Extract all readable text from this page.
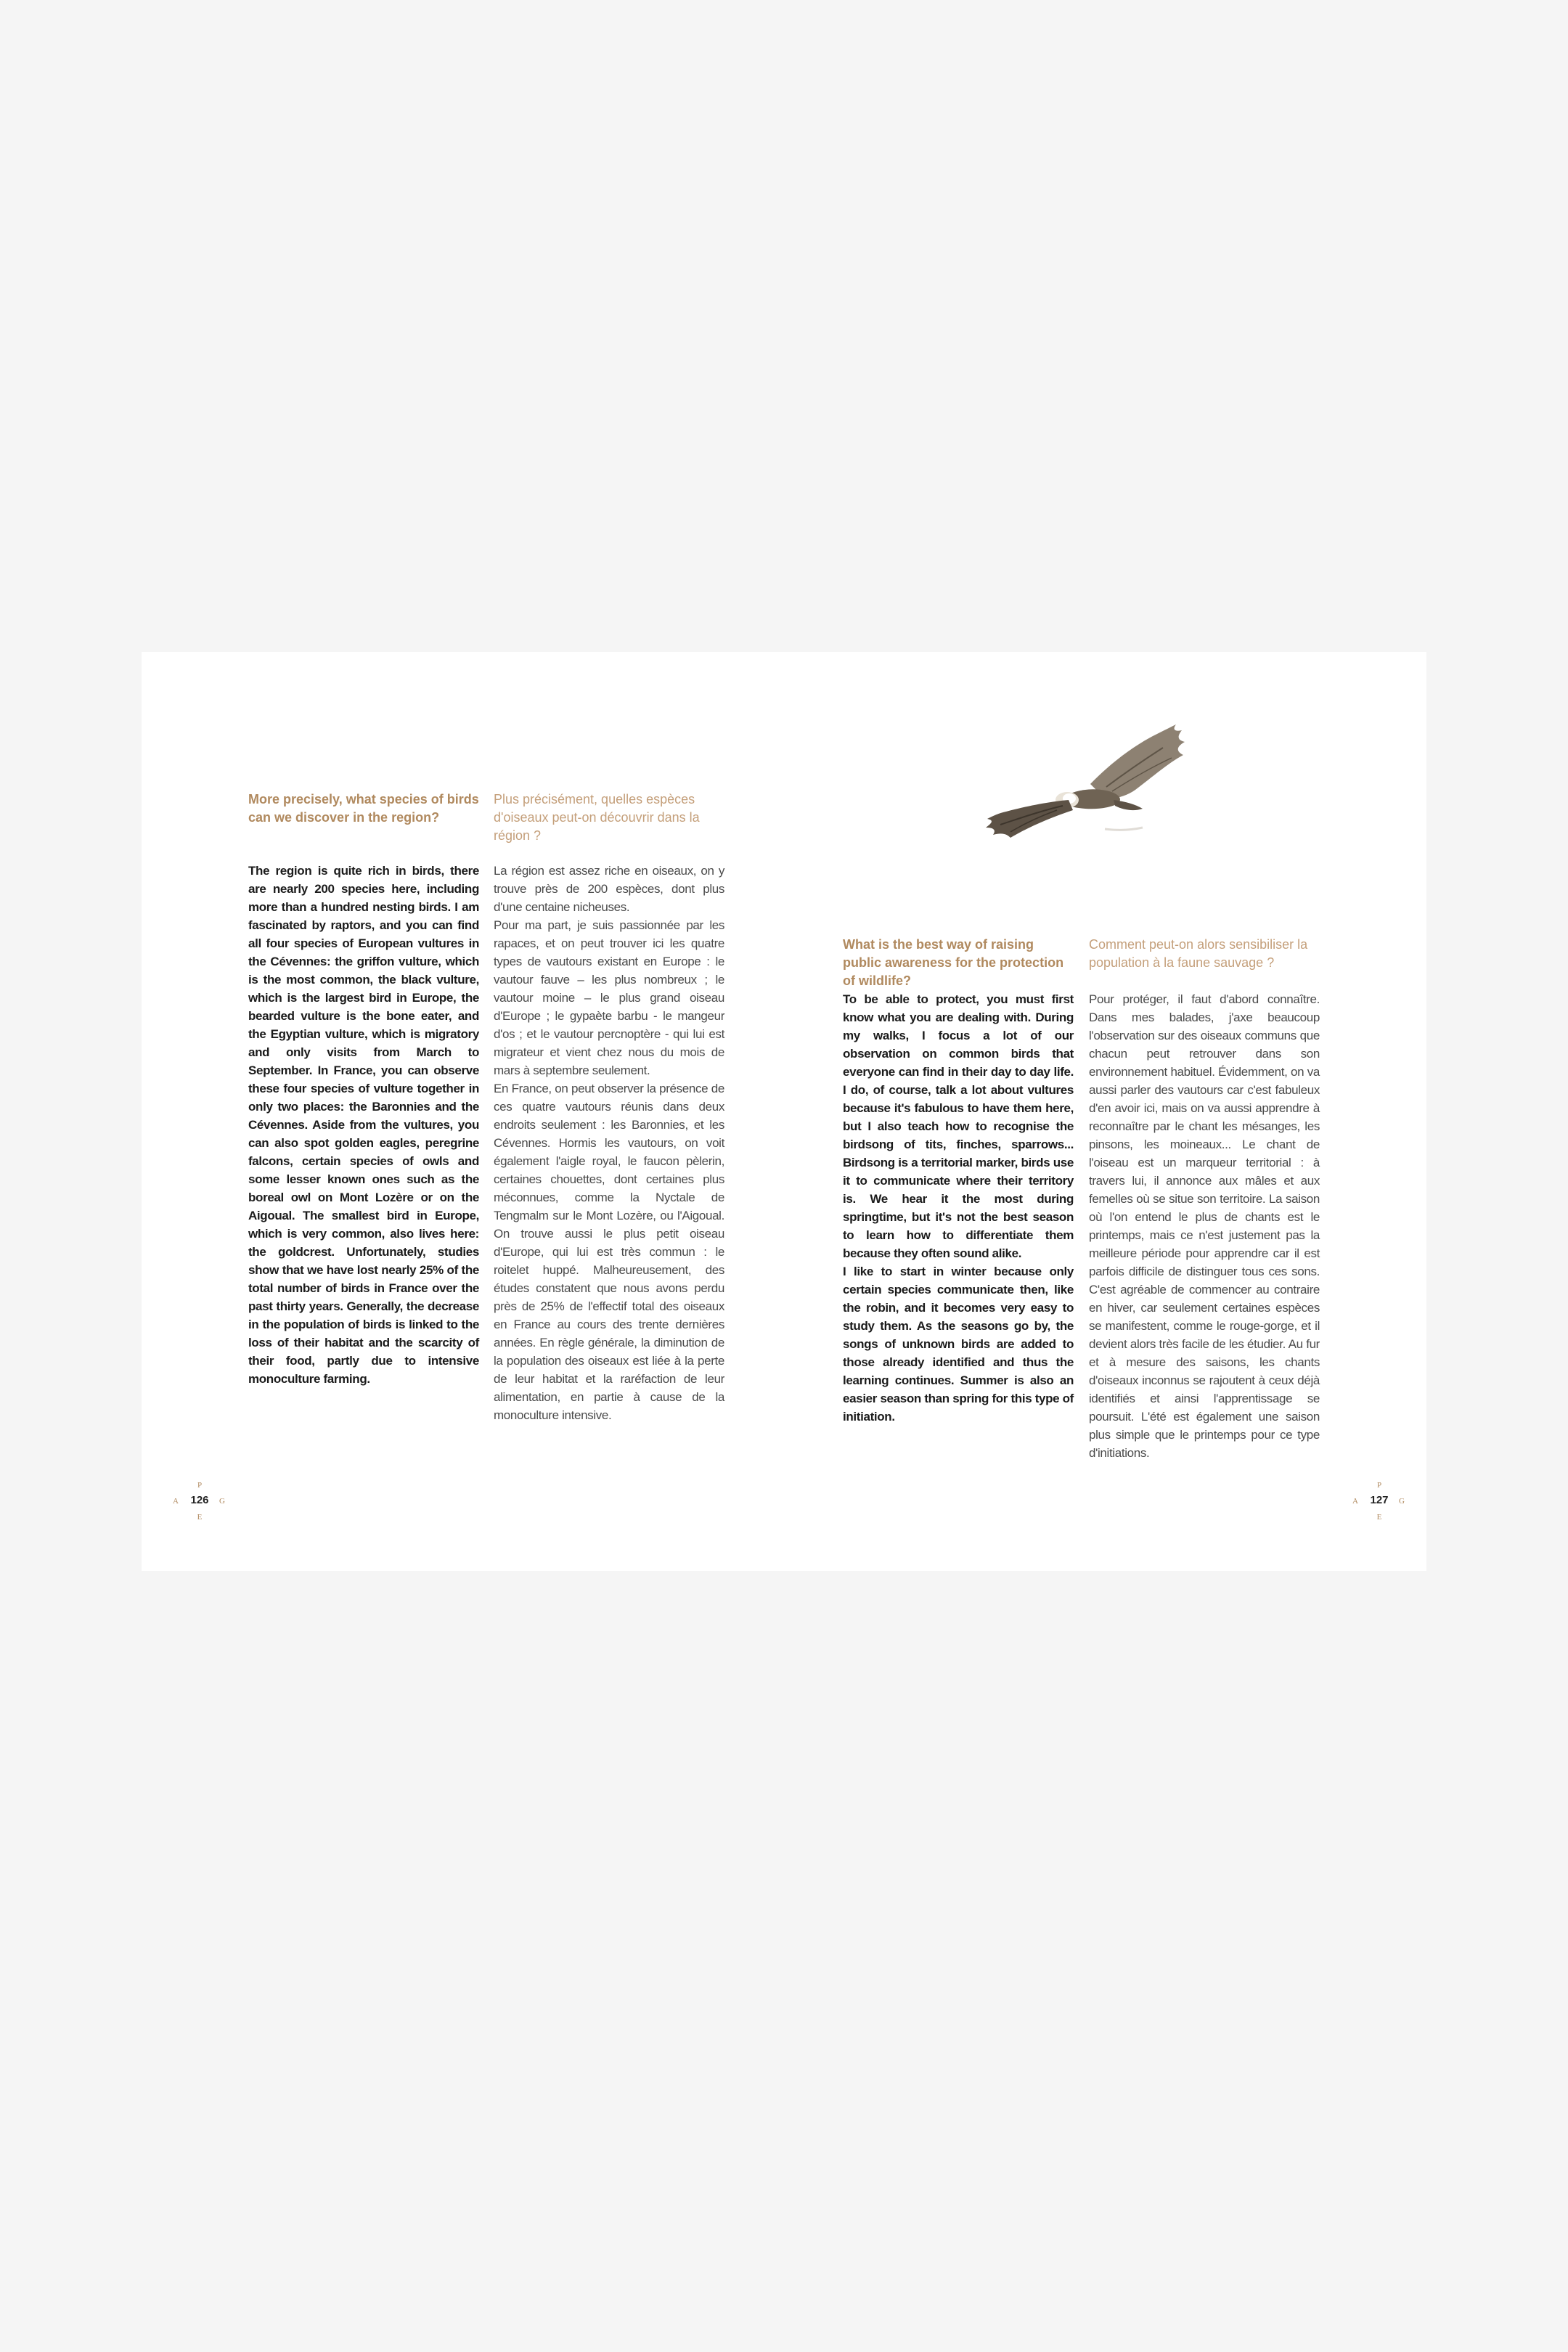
More precisely, what species of birds can we discover in the region?

Plus précisément, quelles espèces d'oiseaux peut-on découvrir dans la région ?

The region is quite rich in birds, there are nearly 200 species here, including more than a hundred nesting birds. I am fascinated by raptors, and you can find all four species of European vultures in the Cévennes: the griffon vulture, which is the most common, the black vulture, which is the largest bird in Europe, the bearded vulture is the bone eater, and the Egyptian vulture, which is migratory and only visits from March to September. In France, you can observe these four species of vulture together in only two places: the Baronnies and the Cévennes. Aside from the vultures, you can also spot golden eagles, peregrine falcons, certain species of owls and some lesser known ones such as the boreal owl on Mont Lozère or on the Aigoual. The smallest bird in Europe, which is very common, also lives here: the goldcrest. Unfortunately, studies show that we have lost nearly 25% of the total number of birds in France over the past thirty years. Generally, the decrease in the population of birds is linked to the loss of their habitat and the scarcity of their food, partly due to intensive monoculture farming.

La région est assez riche en oiseaux, on y trouve près de 200 espèces, dont plus d'une centaine nicheuses.
Pour ma part, je suis passionnée par les rapaces, et on peut trouver ici les quatre types de vautours existant en Europe : le vautour fauve – les plus nombreux ; le vautour moine – le plus grand oiseau d'Europe ; le gypaète barbu - le mangeur d'os ; et le vautour percnoptère - qui lui est migrateur et vient chez nous du mois de mars à septembre seulement.
En France, on peut observer la présence de ces quatre vautours réunis dans deux endroits seulement : les Baronnies, et les Cévennes. Hormis les vautours, on voit également l'aigle royal, le faucon pèlerin, certaines chouettes, dont certaines plus méconnues, comme la Nyctale de Tengmalm sur le Mont Lozère, ou l'Aigoual. On trouve aussi le plus petit oiseau d'Europe, qui lui est très commun : le roitelet huppé. Malheureusement, des études constatent que nous avons perdu près de 25% de l'effectif total des oiseaux en France au cours des trente dernières années. En règle générale, la diminution de la population des oiseaux est liée à la perte de leur habitat et la raréfaction de leur alimentation, en partie à cause de la monoculture intensive.
P
A	126	G
E

What is the best way of raising public awareness for the protection of wildlife?

Comment peut-on alors sensibiliser la population à la faune sauvage ?

To be able to protect, you must first know what you are dealing with. During my walks, I focus a lot of our observation on common birds that everyone can find in their day to day life. I do, of course, talk a lot about vultures because it's fabulous to have them here, but I also teach how to recognise the birdsong of tits, finches, sparrows... Birdsong is a territorial marker, birds use it to communicate where their territory is. We hear it the most during springtime, but it's not the best season to learn how to differentiate them because they often sound alike.
I like to start in winter because only certain species communicate then, like the robin, and it becomes very easy to study them. As the seasons go by, the songs of unknown birds are added to those already identified and thus the learning continues. Summer is also an easier season than spring for this type of initiation.

Pour protéger, il faut d'abord connaître. Dans mes balades, j'axe beaucoup l'observation sur des oiseaux communs que chacun peut retrouver dans son environnement habituel. Évidemment, on va aussi parler des vautours car c'est fabuleux d'en avoir ici, mais on va aussi apprendre à reconnaître par le chant les mésanges, les pinsons, les moineaux... Le chant de l'oiseau est un marqueur territorial : à travers lui, il annonce aux mâles et aux femelles où se situe son territoire. La saison où l'on entend le plus de chants est le printemps, mais ce n'est justement pas la meilleure période pour apprendre car il est parfois difficile de distinguer tous ces sons. C'est agréable de commencer au contraire en hiver, car seulement certaines espèces se manifestent, comme le rouge-gorge, et il devient alors très facile de les étudier. Au fur et à mesure des saisons, les chants d'oiseaux inconnus se rajoutent à ceux déjà identifiés et ainsi l'apprentissage se poursuit. L'été est également une saison plus simple que le printemps pour ce type d'initiations.

P
A	127	G
E
